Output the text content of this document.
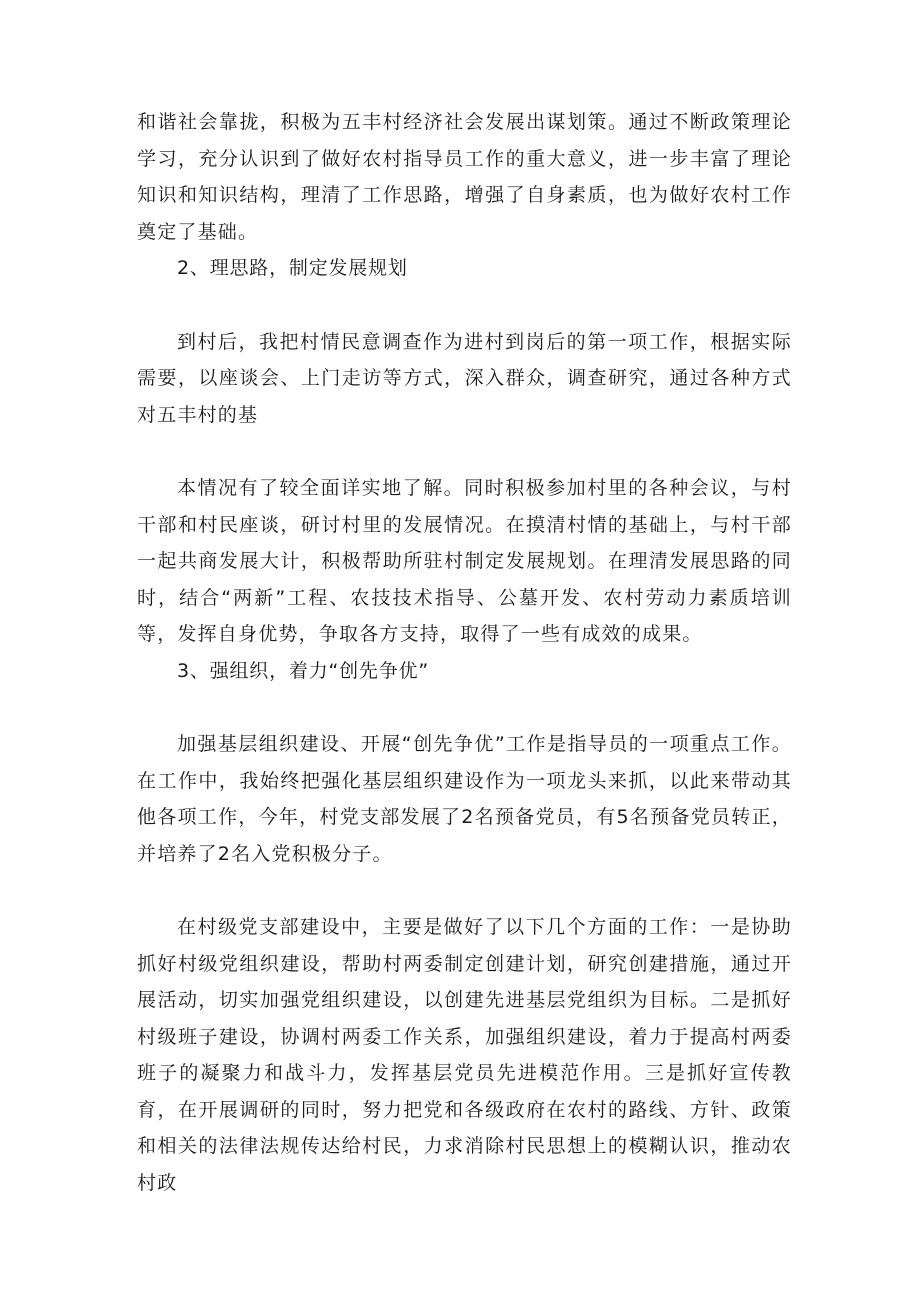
和谐社会靠拢，积极为五丰村经济社会发展出谋划策。通过不断政策理论学习，充分认识到了做好农村指导员工作的重大意义，进一步丰富了理论知识和知识结构，理清了工作思路，增强了自身素质，也为做好农村工作奠定了基础。

2、理思路，制定发展规划

到村后，我把村情民意调查作为进村到岗后的第一项工作，根据实际需要，以座谈会、上门走访等方式，深入群众，调查研究，通过各种方式对五丰村的基

本情况有了较全面详实地了解。同时积极参加村里的各种会议，与村干部和村民座谈，研讨村里的发展情况。在摸清村情的基础上，与村干部一起共商发展大计，积极帮助所驻村制定发展规划。在理清发展思路的同时，结合“两新”工程、农技技术指导、公墓开发、农村劳动力素质培训等，发挥自身优势，争取各方支持，取得了一些有成效的成果。

3、强组织，着力“创先争优”

加强基层组织建设、开展“创先争优”工作是指导员的一项重点工作。在工作中，我始终把强化基层组织建设作为一项龙头来抓，以此来带动其他各项工作，今年，村党支部发展了2名预备党员，有5名预备党员转正，并培养了2名入党积极分子。

在村级党支部建设中，主要是做好了以下几个方面的工作：一是协助抓好村级党组织建设，帮助村两委制定创建计划，研究创建措施，通过开展活动，切实加强党组织建设，以创建先进基层党组织为目标。二是抓好村级班子建设，协调村两委工作关系，加强组织建设，着力于提高村两委班子的凝聚力和战斗力，发挥基层党员先进模范作用。三是抓好宣传教育，在开展调研的同时，努力把党和各级政府在农村的路线、方针、政策和相关的法律法规传达给村民，力求消除村民思想上的模糊认识，推动农村政
